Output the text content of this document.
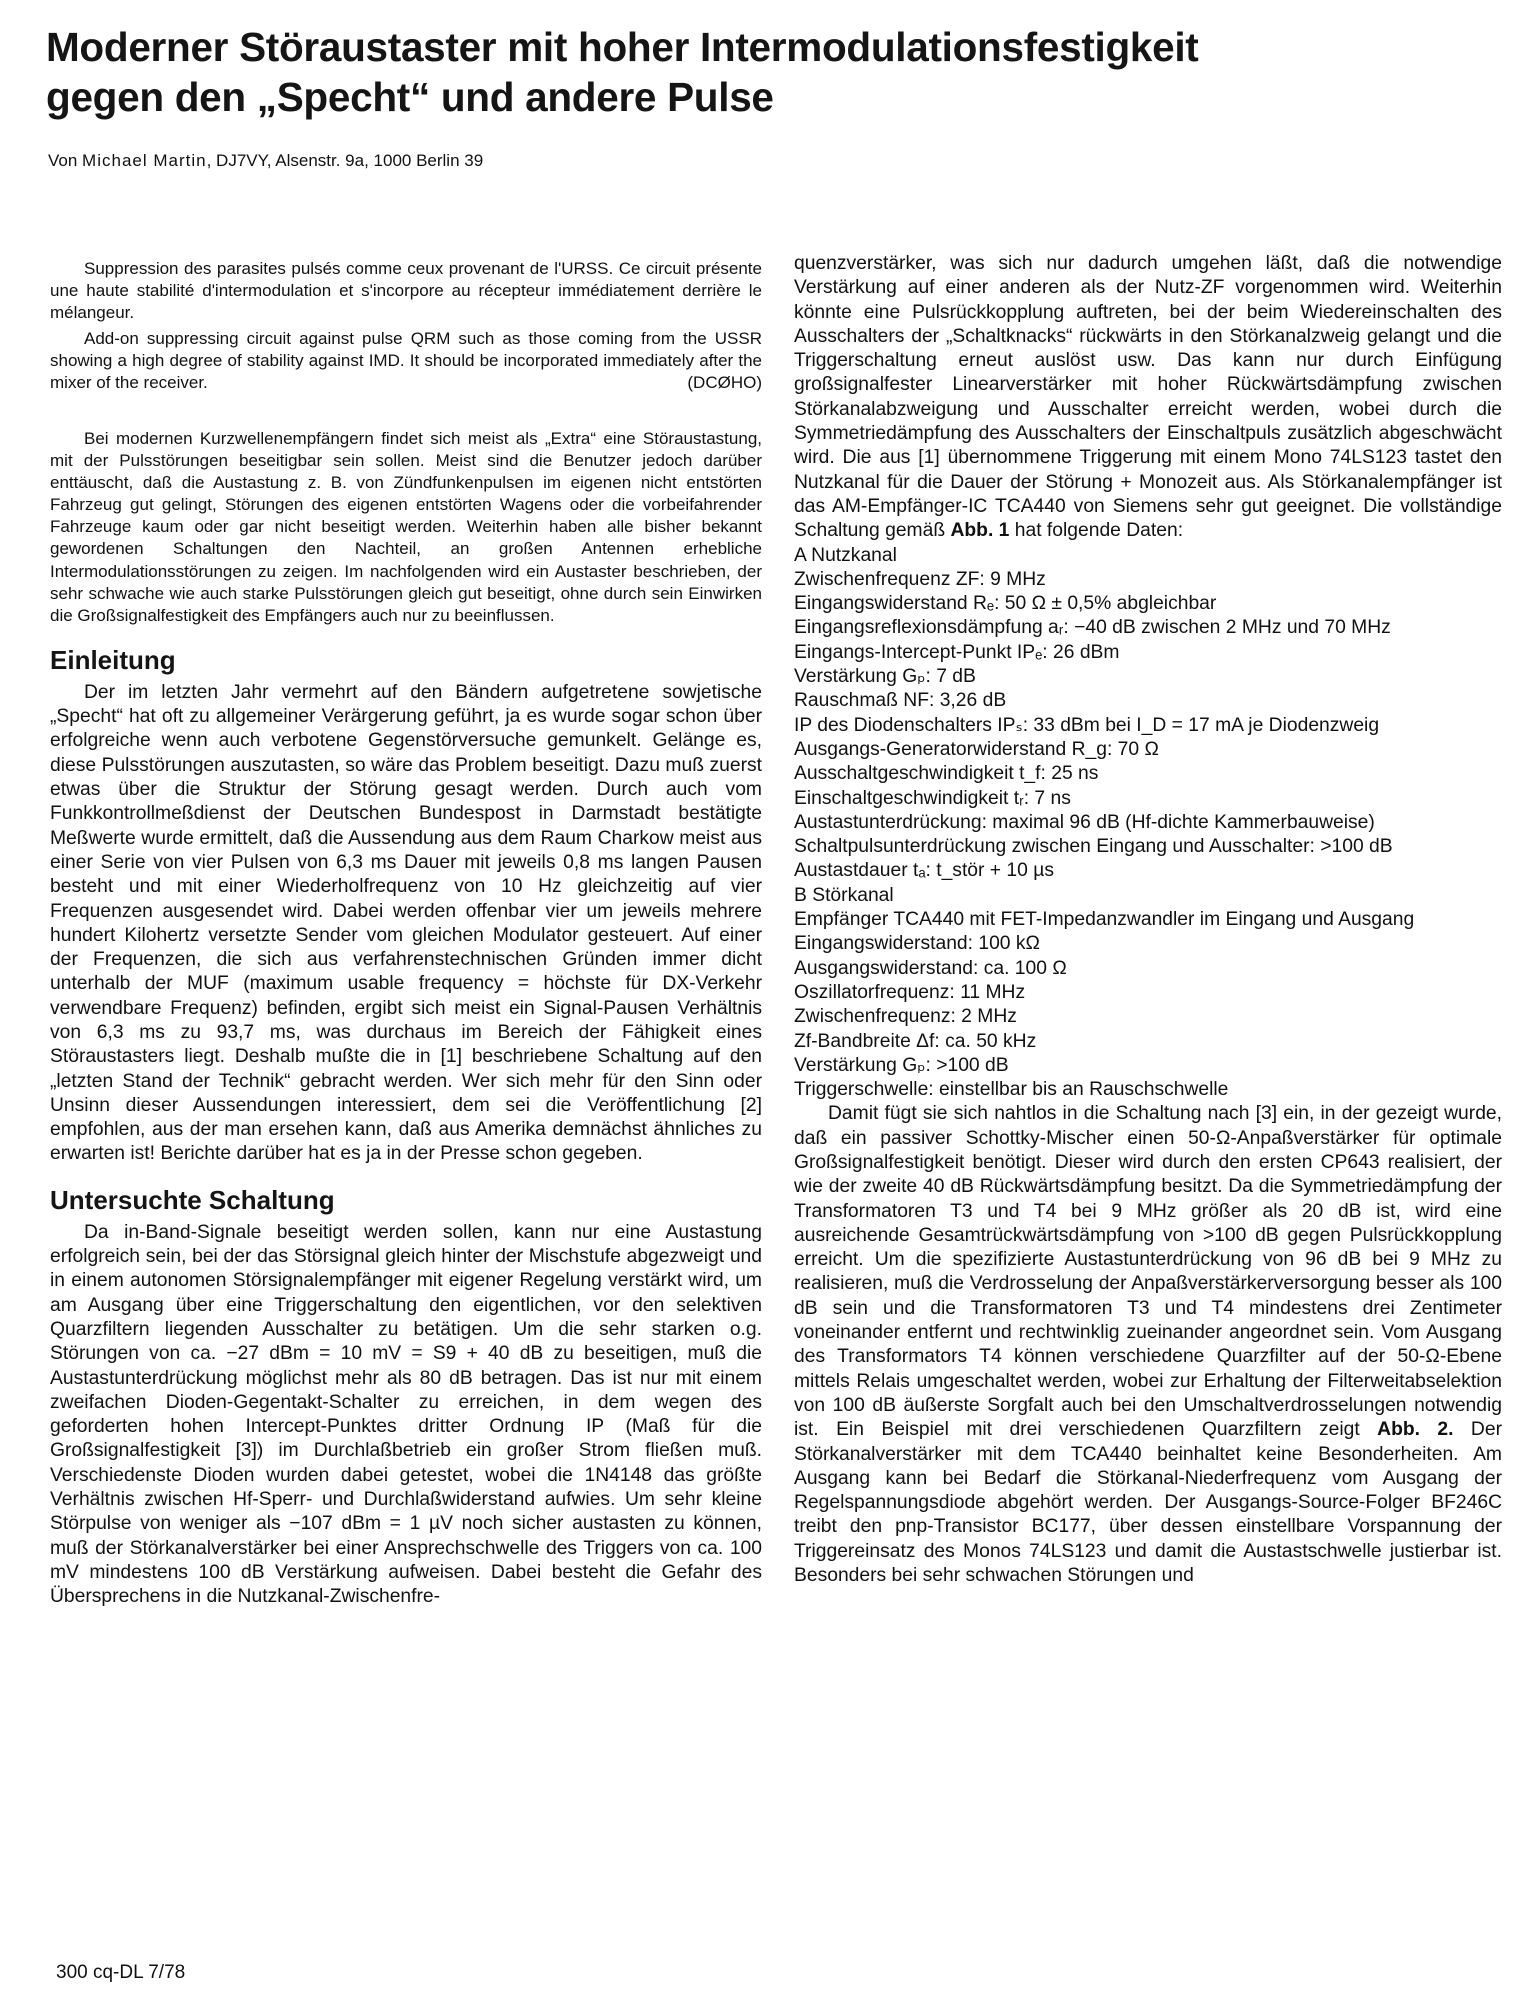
Moderner Störaustaster mit hoher Intermodulationsfestigkeit
gegen den „Specht“ und andere Pulse
Von Michael Martin, DJ7VY, Alsenstr. 9a, 1000 Berlin 39

Suppression des parasites pulsés comme ceux provenant de l'URSS. Ce circuit présente une haute stabilité d'intermodulation et s'incorpore au récepteur immédiatement derrière le mélangeur.

Add-on suppressing circuit against pulse QRM such as those coming from the USSR showing a high degree of stability against IMD. It should be incorporated immediately after the mixer of the receiver.	(DCØHO)

Bei modernen Kurzwellenempfängern findet sich meist als „Extra“ eine Störaustastung, mit der Pulsstörungen beseitigbar sein sollen. Meist sind die Benutzer jedoch darüber enttäuscht, daß die Austastung z. B. von Zündfunkenpulsen im eigenen nicht entstörten Fahrzeug gut gelingt, Störungen des eigenen entstörten Wagens oder die vorbeifahrender Fahrzeuge kaum oder gar nicht beseitigt werden. Weiterhin haben alle bisher bekannt gewordenen Schaltungen den Nachteil, an großen Antennen erhebliche Intermodulationsstörungen zu zeigen. Im nachfolgenden wird ein Austaster beschrieben, der sehr schwache wie auch starke Pulsstörungen gleich gut beseitigt, ohne durch sein Einwirken die Großsignalfestigkeit des Empfängers auch nur zu beeinflussen.

Einleitung

Der im letzten Jahr vermehrt auf den Bändern aufgetretene sowjetische „Specht“ hat oft zu allgemeiner Verärgerung geführt, ja es wurde sogar schon über erfolgreiche wenn auch verbotene Gegenstörversuche gemunkelt. Gelänge es, diese Pulsstörungen auszutasten, so wäre das Problem beseitigt. Dazu muß zuerst etwas über die Struktur der Störung gesagt werden. Durch auch vom Funkkontrollmeßdienst der Deutschen Bundespost in Darmstadt bestätigte Meßwerte wurde ermittelt, daß die Aussendung aus dem Raum Charkow meist aus einer Serie von vier Pulsen von 6,3 ms Dauer mit jeweils 0,8 ms langen Pausen besteht und mit einer Wiederholfrequenz von 10 Hz gleichzeitig auf vier Frequenzen ausgesendet wird. Dabei werden offenbar vier um jeweils mehrere hundert Kilohertz versetzte Sender vom gleichen Modulator gesteuert. Auf einer der Frequenzen, die sich aus verfahrenstechnischen Gründen immer dicht unterhalb der MUF (maximum usable frequency = höchste für DX-Verkehr verwendbare Frequenz) befinden, ergibt sich meist ein Signal-Pausen Verhältnis von 6,3 ms zu 93,7 ms, was durchaus im Bereich der Fähigkeit eines Störaustasters liegt. Deshalb mußte die in [1] beschriebene Schaltung auf den „letzten Stand der Technik“ gebracht werden. Wer sich mehr für den Sinn oder Unsinn dieser Aussendungen interessiert, dem sei die Veröffentlichung [2] empfohlen, aus der man ersehen kann, daß aus Amerika demnächst ähnliches zu erwarten ist! Berichte darüber hat es ja in der Presse schon gegeben.

Untersuchte Schaltung

Da in-Band-Signale beseitigt werden sollen, kann nur eine Austastung erfolgreich sein, bei der das Störsignal gleich hinter der Mischstufe abgezweigt und in einem autonomen Störsignalempfänger mit eigener Regelung verstärkt wird, um am Ausgang über eine Triggerschaltung den eigentlichen, vor den selektiven Quarzfiltern liegenden Ausschalter zu betätigen. Um die sehr starken o.g. Störungen von ca. −27 dBm = 10 mV = S9 + 40 dB zu beseitigen, muß die Austastunterdrückung möglichst mehr als 80 dB betragen. Das ist nur mit einem zweifachen Dioden-Gegentakt-Schalter zu erreichen, in dem wegen des geforderten hohen Intercept-Punktes dritter Ordnung IP (Maß für die Großsignalfestigkeit [3]) im Durchlaßbetrieb ein großer Strom fließen muß. Verschiedenste Dioden wurden dabei getestet, wobei die 1N4148 das größte Verhältnis zwischen Hf-Sperr- und Durchlaßwiderstand aufwies. Um sehr kleine Störpulse von weniger als −107 dBm = 1 µV noch sicher austasten zu können, muß der Störkanalverstärker bei einer Ansprechschwelle des Triggers von ca. 100 mV mindestens 100 dB Verstärkung aufweisen. Dabei besteht die Gefahr des Übersprechens in die Nutzkanal-Zwischenfre-

quenzverstärker, was sich nur dadurch umgehen läßt, daß die notwendige Verstärkung auf einer anderen als der Nutz-ZF vorgenommen wird. Weiterhin könnte eine Pulsrückkopplung auftreten, bei der beim Wiedereinschalten des Ausschalters der „Schaltknacks“ rückwärts in den Störkanalzweig gelangt und die Triggerschaltung erneut auslöst usw. Das kann nur durch Einfügung großsignalfester Linearverstärker mit hoher Rückwärtsdämpfung zwischen Störkanalabzweigung und Ausschalter erreicht werden, wobei durch die Symmetriedämpfung des Ausschalters der Einschaltpuls zusätzlich abgeschwächt wird. Die aus [1] übernommene Triggerung mit einem Mono 74LS123 tastet den Nutzkanal für die Dauer der Störung + Monozeit aus. Als Störkanalempfänger ist das AM-Empfänger-IC TCA440 von Siemens sehr gut geeignet. Die vollständige Schaltung gemäß Abb. 1 hat folgende Daten:

A Nutzkanal

Zwischenfrequenz ZF: 9 MHz
Eingangswiderstand Rₑ: 50 Ω ± 0,5% abgleichbar
Eingangsreflexionsdämpfung aᵣ: −40 dB zwischen 2 MHz und 70 MHz
Eingangs-Intercept-Punkt IPₑ: 26 dBm
Verstärkung Gₚ: 7 dB
Rauschmaß NF: 3,26 dB
IP des Diodenschalters IPₛ: 33 dBm bei I_D = 17 mA je Diodenzweig
Ausgangs-Generatorwiderstand R_g: 70 Ω
Ausschaltgeschwindigkeit t_f: 25 ns
Einschaltgeschwindigkeit tᵣ: 7 ns
Austastunterdrückung: maximal 96 dB (Hf-dichte Kammerbauweise)
Schaltpulsunterdrückung zwischen Eingang und Ausschalter: >100 dB
Austastdauer tₐ: t_stör + 10 µs

B Störkanal

Empfänger TCA440 mit FET-Impedanzwandler im Eingang und Ausgang
Eingangswiderstand: 100 kΩ
Ausgangswiderstand: ca. 100 Ω
Oszillatorfrequenz: 11 MHz
Zwischenfrequenz: 2 MHz
Zf-Bandbreite Δf: ca. 50 kHz
Verstärkung Gₚ: >100 dB
Triggerschwelle: einstellbar bis an Rauschschwelle

Damit fügt sie sich nahtlos in die Schaltung nach [3] ein, in der gezeigt wurde, daß ein passiver Schottky-Mischer einen 50-Ω-Anpaßverstärker für optimale Großsignalfestigkeit benötigt. Dieser wird durch den ersten CP643 realisiert, der wie der zweite 40 dB Rückwärtsdämpfung besitzt. Da die Symmetriedämpfung der Transformatoren T3 und T4 bei 9 MHz größer als 20 dB ist, wird eine ausreichende Gesamtrückwärtsdämpfung von >100 dB gegen Pulsrückkopplung erreicht. Um die spezifizierte Austastunterdrückung von 96 dB bei 9 MHz zu realisieren, muß die Verdrosselung der Anpaßverstärkerversorgung besser als 100 dB sein und die Transformatoren T3 und T4 mindestens drei Zentimeter voneinander entfernt und rechtwinklig zueinander angeordnet sein. Vom Ausgang des Transformators T4 können verschiedene Quarzfilter auf der 50-Ω-Ebene mittels Relais umgeschaltet werden, wobei zur Erhaltung der Filterweitabselektion von 100 dB äußerste Sorgfalt auch bei den Umschaltverdrosselungen notwendig ist. Ein Beispiel mit drei verschiedenen Quarzfiltern zeigt Abb. 2. Der Störkanalverstärker mit dem TCA440 beinhaltet keine Besonderheiten. Am Ausgang kann bei Bedarf die Störkanal-Niederfrequenz vom Ausgang der Regelspannungsdiode abgehört werden. Der Ausgangs-Source-Folger BF246C treibt den pnp-Transistor BC177, über dessen einstellbare Vorspannung der Triggereinsatz des Monos 74LS123 und damit die Austastschwelle justierbar ist. Besonders bei sehr schwachen Störungen und

300 cq-DL 7/78
